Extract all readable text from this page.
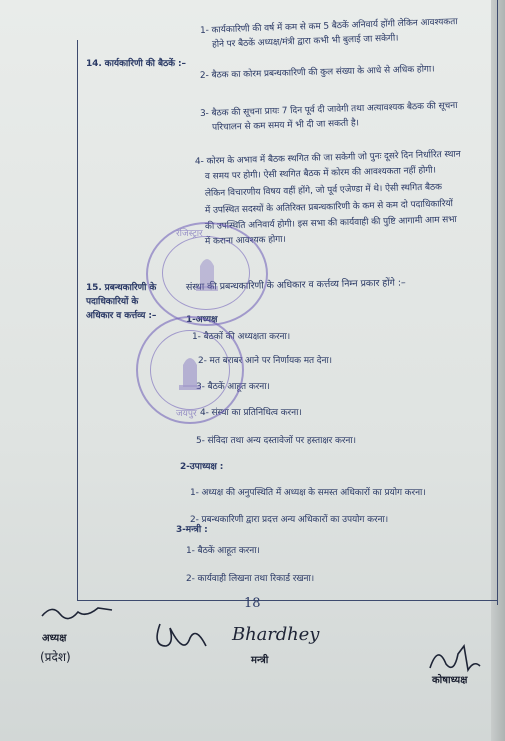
14. कार्यकारिणी की बैठकें :–
1- कार्यकारिणी की वर्ष में कम से कम 5 बैठकें अनिवार्य होंगी लेकिन आवश्यकता
होने पर बैठकें अध्यक्ष/मंत्री द्वारा कभी भी बुलाई जा सकेगी।
2- बैठक का कोरम प्रबन्धकारिणी की कुल संख्या के आधे से अधिक होगा।
3- बैठक की सूचना प्रायः 7 दिन पूर्व दी जावेगी तथा अत्यावश्यक बैठक की सूचना
परिचालन से कम समय में भी दी जा सकती है।
4- कोरम के अभाव में बैठक स्थगित की जा सकेगी जो पुनः दूसरे दिन निर्धारित स्थान
व समय पर होगी। ऐसी स्थगित बैठक में कोरम की आवश्यकता नहीं होगी।
लेकिन विचारणीय विषय वहीं होंगे, जो पूर्व एजेण्डा में थे। ऐसी स्थगित बैठक
में उपस्थित सदस्यों के अतिरिक्त प्रबन्धकारिणी के कम से कम दो पदाधिकारियों
की उपस्थिति अनिवार्य होगी। इस सभा की कार्यवाही की पुष्टि आगामी आम सभा
में कराना आवश्यक होगा।
15. प्रबन्धकारिणी के
पदाधिकारियों के
अधिकार व कर्त्तव्य :–
संस्था की प्रबन्धकारिणी के अधिकार व कर्त्तव्य निम्न प्रकार होंगे :–
1-अध्यक्ष
1- बैठकों की अध्यक्षता करना।
2- मत बराबर आने पर निर्णायक मत देना।
3- बैठकें आहूत करना।
4- संस्था का प्रतिनिधित्व करना।
5- संविदा तथा अन्य दस्तावेजों पर हस्ताक्षर करना।
2-उपाध्यक्ष :
1- अध्यक्ष की अनुपस्थिति में अध्यक्ष के समस्त अधिकारों का प्रयोग करना।
2- प्रबन्धकारिणी द्वारा प्रदत्त अन्य अधिकारों का उपयोग करना।
3-मन्त्री :
1- बैठकें आहूत करना।
2- कार्यवाही लिखना तथा रिकार्ड रखना।
रजिस्ट्रार
जयपुर
18
अध्यक्ष
(प्रदेश)
Bhardhey
मन्त्री
कोषाध्यक्ष
